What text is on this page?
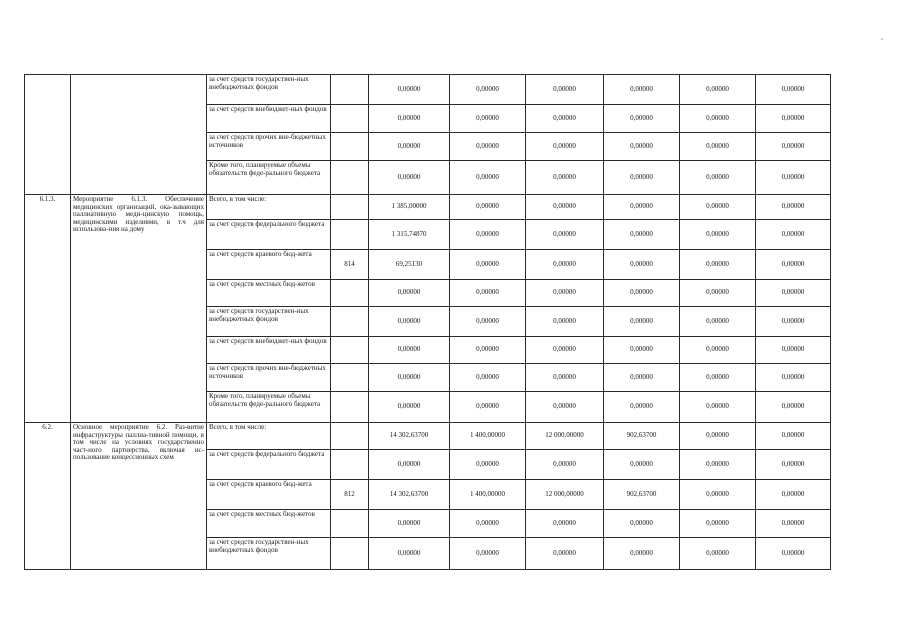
		за счет средств государствен-ных внебюджетных фондов		0,00000	0,00000	0,00000	0,00000	0,00000	0,00000
		за счет средств внебюджет-ных фондов		0,00000	0,00000	0,00000	0,00000	0,00000	0,00000
		за счет средств прочих вне-бюджетных источников		0,00000	0,00000	0,00000	0,00000	0,00000	0,00000
		Кроме того, планируемые объемы обязательств феде-рального бюджета		0,00000	0,00000	0,00000	0,00000	0,00000	0,00000
6.1.3.	Мероприятие 6.1.3. Обеспечение медицинских организаций, ока-зывающих паллиативную меди-цинскую помощь, медицинскими изделиями, в т.ч для использова-ния на дому	Всего, в том числе:		1 385,00000	0,00000	0,00000	0,00000	0,00000	0,00000
		за счет средств федерального бюджета		1 315,74870	0,00000	0,00000	0,00000	0,00000	0,00000
		за счет средств краевого бюд-жета	814	69,25130	0,00000	0,00000	0,00000	0,00000	0,00000
		за счет средств местных бюд-жетов		0,00000	0,00000	0,00000	0,00000	0,00000	0,00000
		за счет средств государствен-ных внебюджетных фондов		0,00000	0,00000	0,00000	0,00000	0,00000	0,00000
		за счет средств внебюджет-ных фондов		0,00000	0,00000	0,00000	0,00000	0,00000	0,00000
		за счет средств прочих вне-бюджетных источников		0,00000	0,00000	0,00000	0,00000	0,00000	0,00000
		Кроме того, планируемые объемы обязательств феде-рального бюджета		0,00000	0,00000	0,00000	0,00000	0,00000	0,00000
6.2.	Основное мероприятие 6.2. Раз-витие инфраструктуры паллиа-тивной помощи, в том числе на условиях государственно част-ного партнерства, включая ис-пользование концессионных схем	Всего, в том числе:		14 302,63700	1 400,00000	12 000,00000	902,63700	0,00000	0,00000
		за счет средств федерального бюджета		0,00000	0,00000	0,00000	0,00000	0,00000	0,00000
		за счет средств краевого бюд-жета	812	14 302,63700	1 400,00000	12 000,00000	902,63700	0,00000	0,00000
		за счет средств местных бюд-жетов		0,00000	0,00000	0,00000	0,00000	0,00000	0,00000
		за счет средств государствен-ных внебюджетных фондов		0,00000	0,00000	0,00000	0,00000	0,00000	0,00000
